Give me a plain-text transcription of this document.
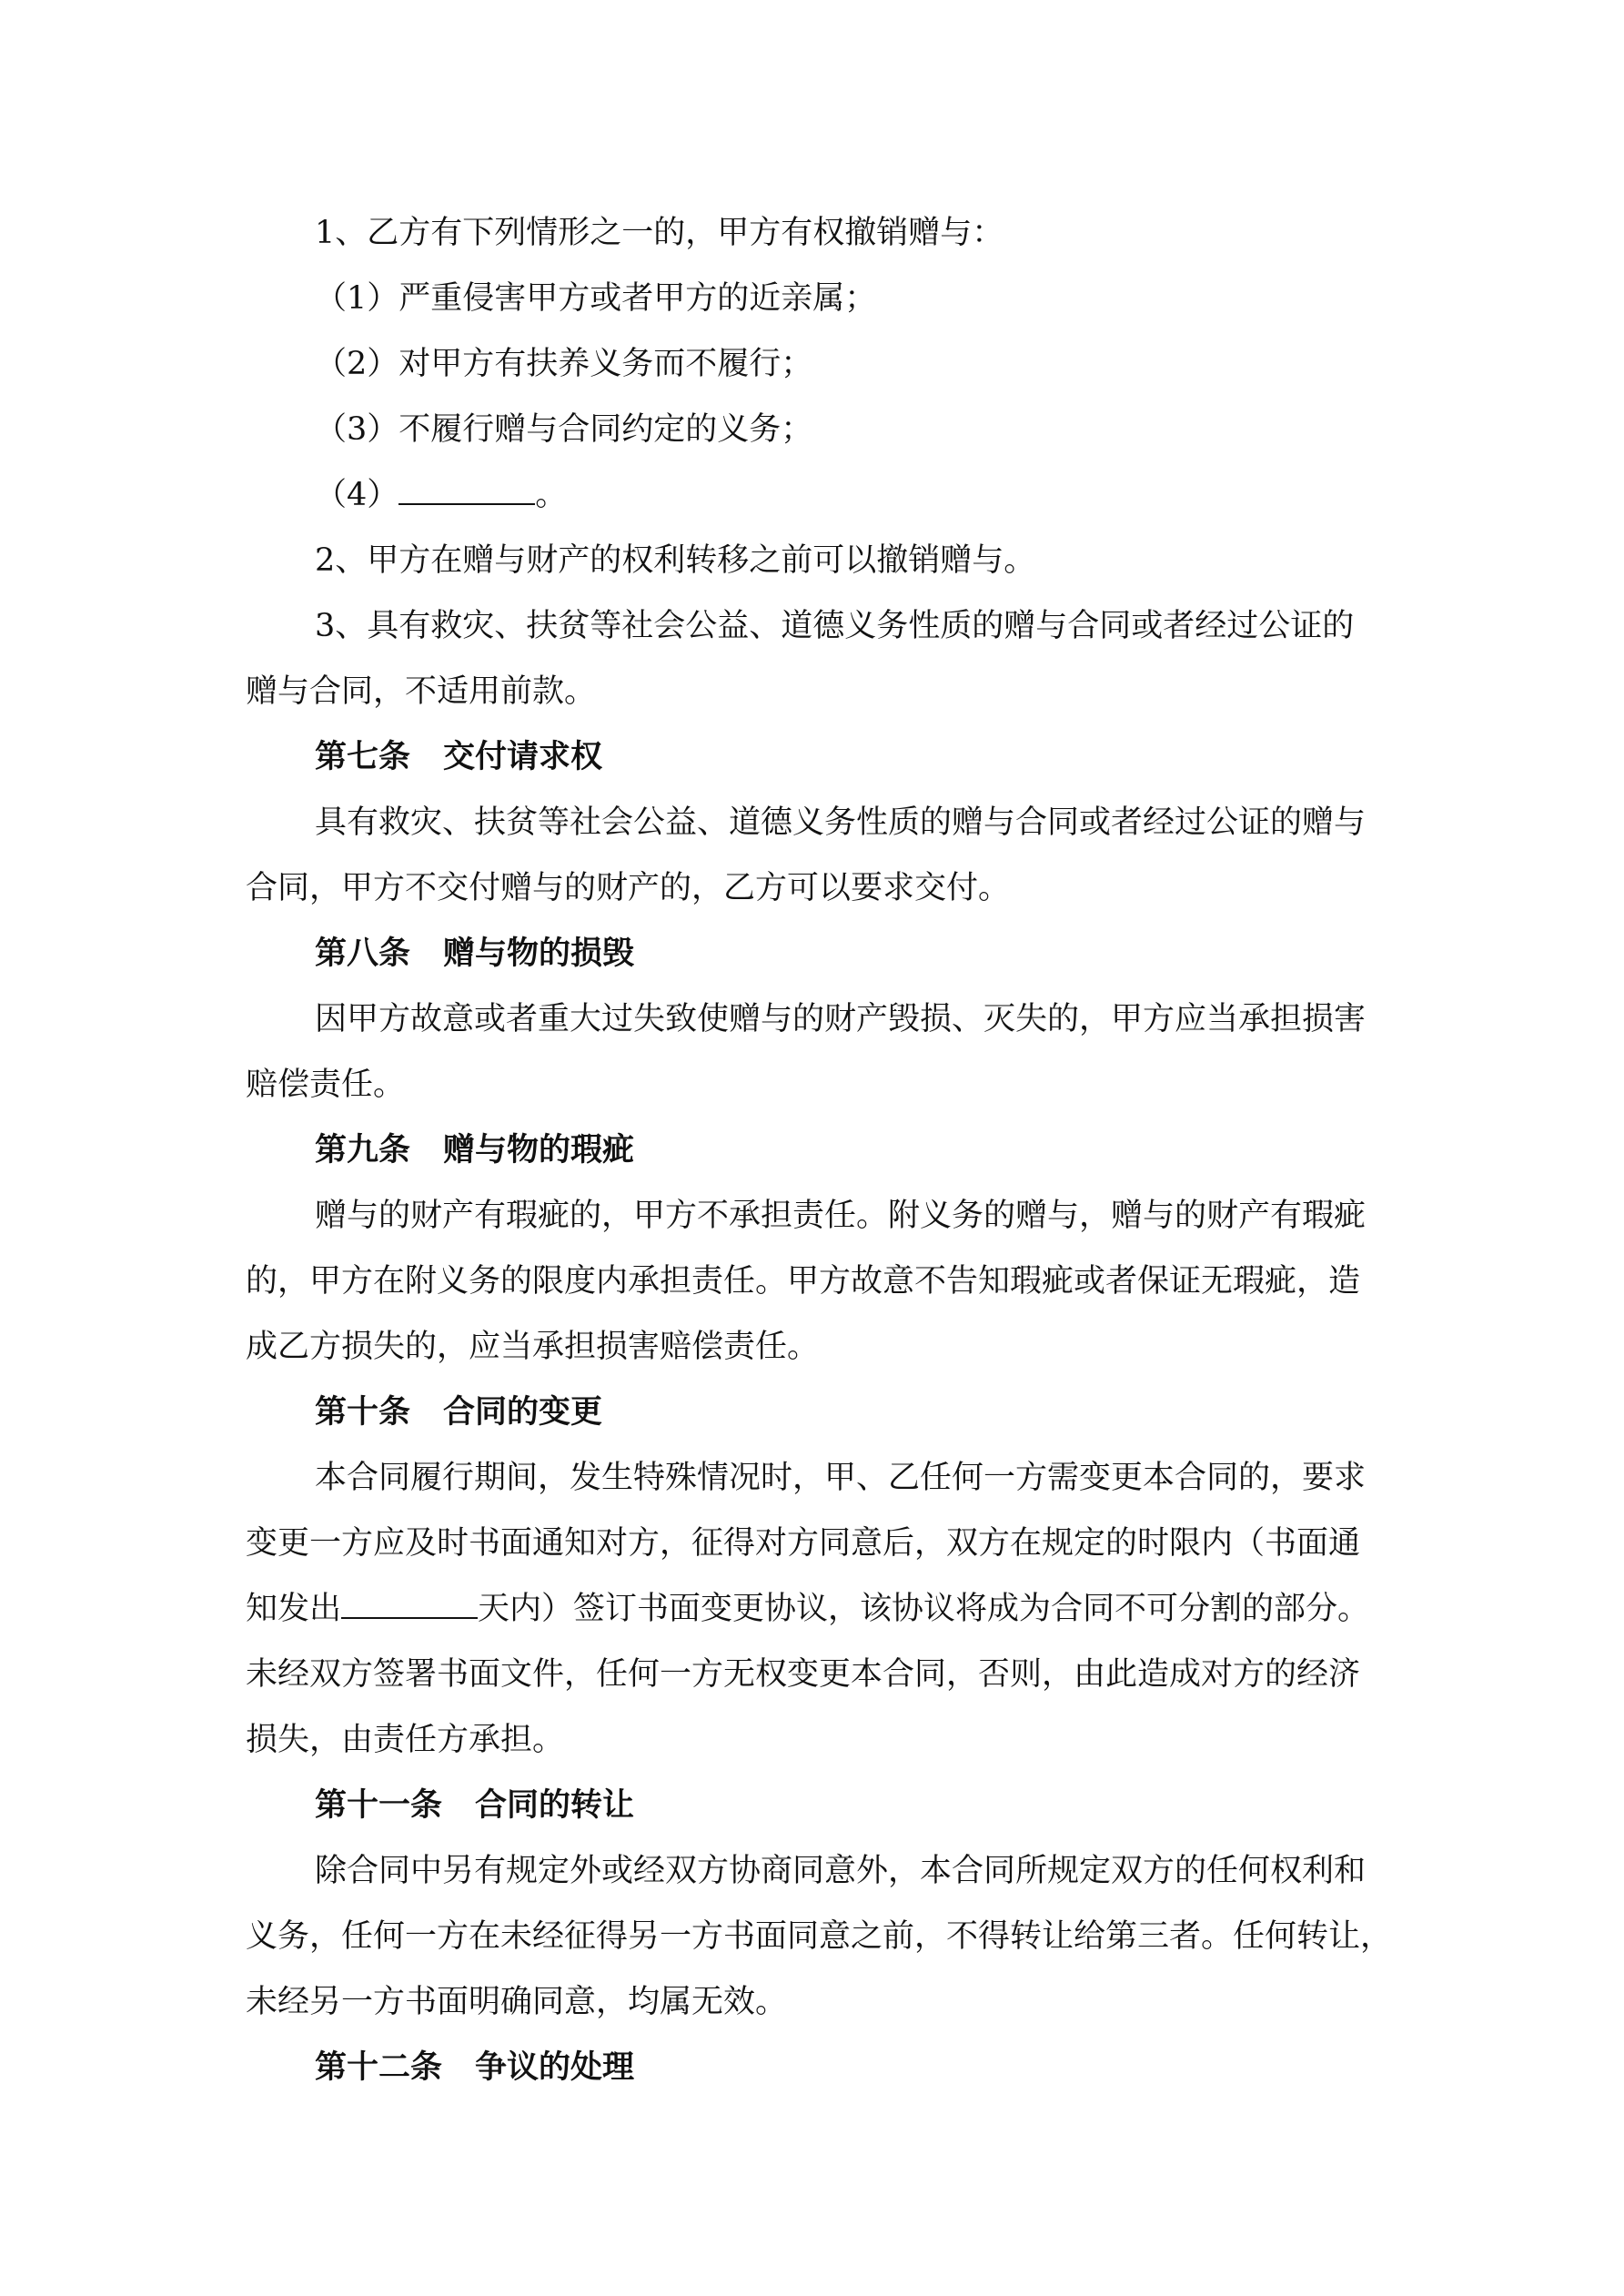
1、乙方有下列情形之一的，甲方有权撤销赠与：

（1）严重侵害甲方或者甲方的近亲属；

（2）对甲方有扶养义务而不履行；

（3）不履行赠与合同约定的义务；

（4）	。

2、甲方在赠与财产的权利转移之前可以撤销赠与。

3、具有救灾、扶贫等社会公益、道德义务性质的赠与合同或者经过公证的

赠与合同，不适用前款。

第七条 交付请求权

具有救灾、扶贫等社会公益、道德义务性质的赠与合同或者经过公证的赠与

合同，甲方不交付赠与的财产的，乙方可以要求交付。

第八条 赠与物的损毁

因甲方故意或者重大过失致使赠与的财产毁损、灭失的，甲方应当承担损害

赔偿责任。

第九条 赠与物的瑕疵

赠与的财产有瑕疵的，甲方不承担责任。附义务的赠与，赠与的财产有瑕疵

的，甲方在附义务的限度内承担责任。甲方故意不告知瑕疵或者保证无瑕疵，造

成乙方损失的，应当承担损害赔偿责任。

第十条 合同的变更

本合同履行期间，发生特殊情况时，甲、乙任何一方需变更本合同的，要求

变更一方应及时书面通知对方，征得对方同意后，双方在规定的时限内（书面通

知发出	天内）签订书面变更协议，该协议将成为合同不可分割的部分。

未经双方签署书面文件，任何一方无权变更本合同，否则，由此造成对方的经济

损失，由责任方承担。

第十一条 合同的转让

除合同中另有规定外或经双方协商同意外，本合同所规定双方的任何权利和

义务，任何一方在未经征得另一方书面同意之前，不得转让给第三者。任何转让，

未经另一方书面明确同意，均属无效。

第十二条 争议的处理
